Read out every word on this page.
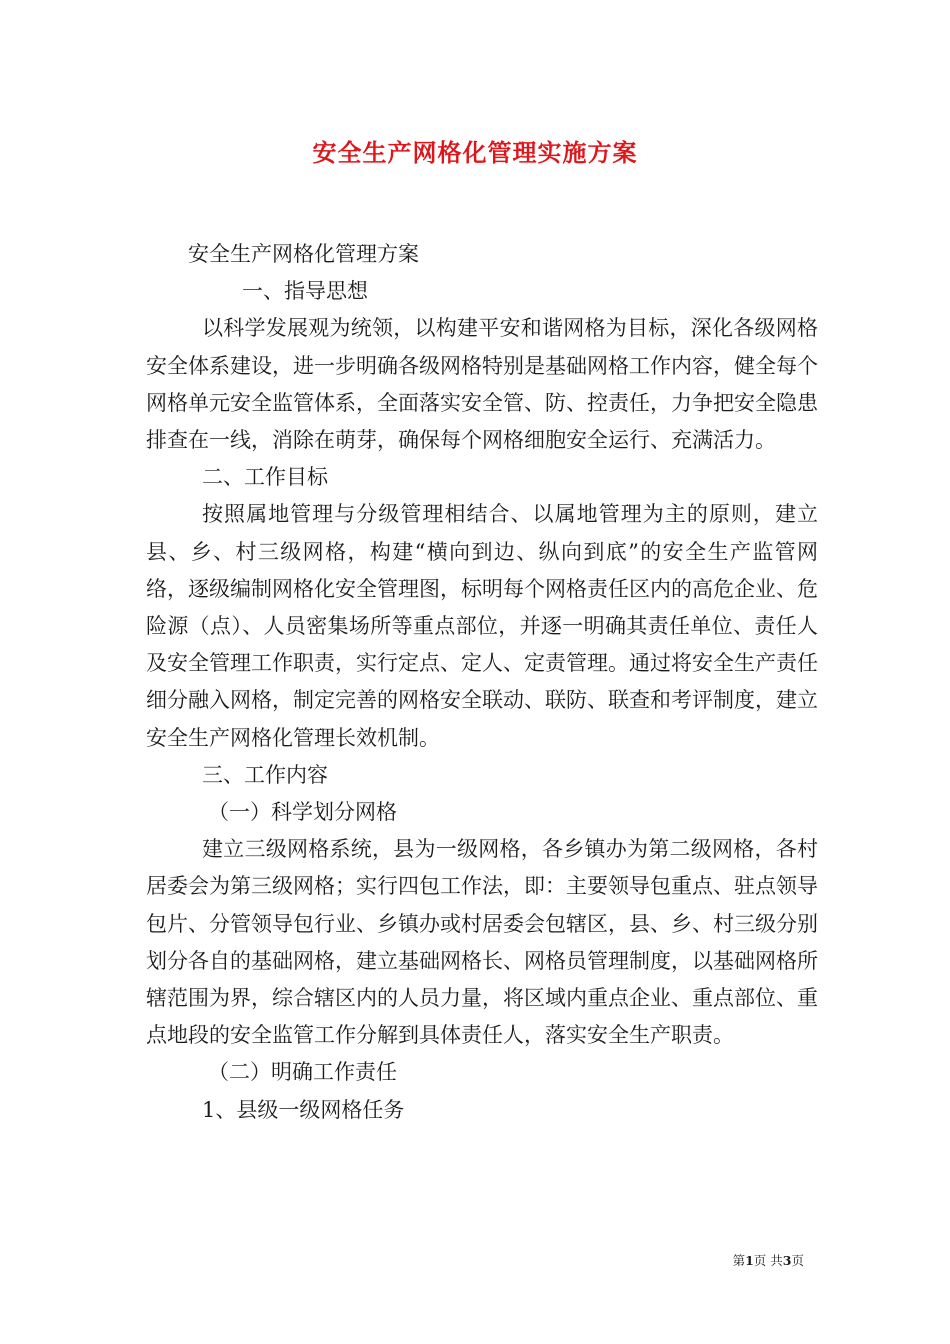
安全生产网格化管理实施方案

安全生产网格化管理方案

一、指导思想

以科学发展观为统领，以构建平安和谐网格为目标，深化各级网格安全体系建设，进一步明确各级网格特别是基础网格工作内容，健全每个网格单元安全监管体系，全面落实安全管、防、控责任，力争把安全隐患排查在一线，消除在萌芽，确保每个网格细胞安全运行、充满活力。

二、工作目标

按照属地管理与分级管理相结合、以属地管理为主的原则，建立县、乡、村三级网格，构建“横向到边、纵向到底”的安全生产监管网络，逐级编制网格化安全管理图，标明每个网格责任区内的高危企业、危险源（点）、人员密集场所等重点部位，并逐一明确其责任单位、责任人及安全管理工作职责，实行定点、定人、定责管理。通过将安全生产责任细分融入网格，制定完善的网格安全联动、联防、联查和考评制度，建立安全生产网格化管理长效机制。

三、工作内容

（一）科学划分网格

建立三级网格系统，县为一级网格，各乡镇办为第二级网格，各村居委会为第三级网格；实行四包工作法，即：主要领导包重点、驻点领导包片、分管领导包行业、乡镇办或村居委会包辖区，县、乡、村三级分别划分各自的基础网格，建立基础网格长、网格员管理制度，以基础网格所辖范围为界，综合辖区内的人员力量，将区域内重点企业、重点部位、重点地段的安全监管工作分解到具体责任人，落实安全生产职责。

（二）明确工作责任

1、县级一级网格任务

第1页 共3页
